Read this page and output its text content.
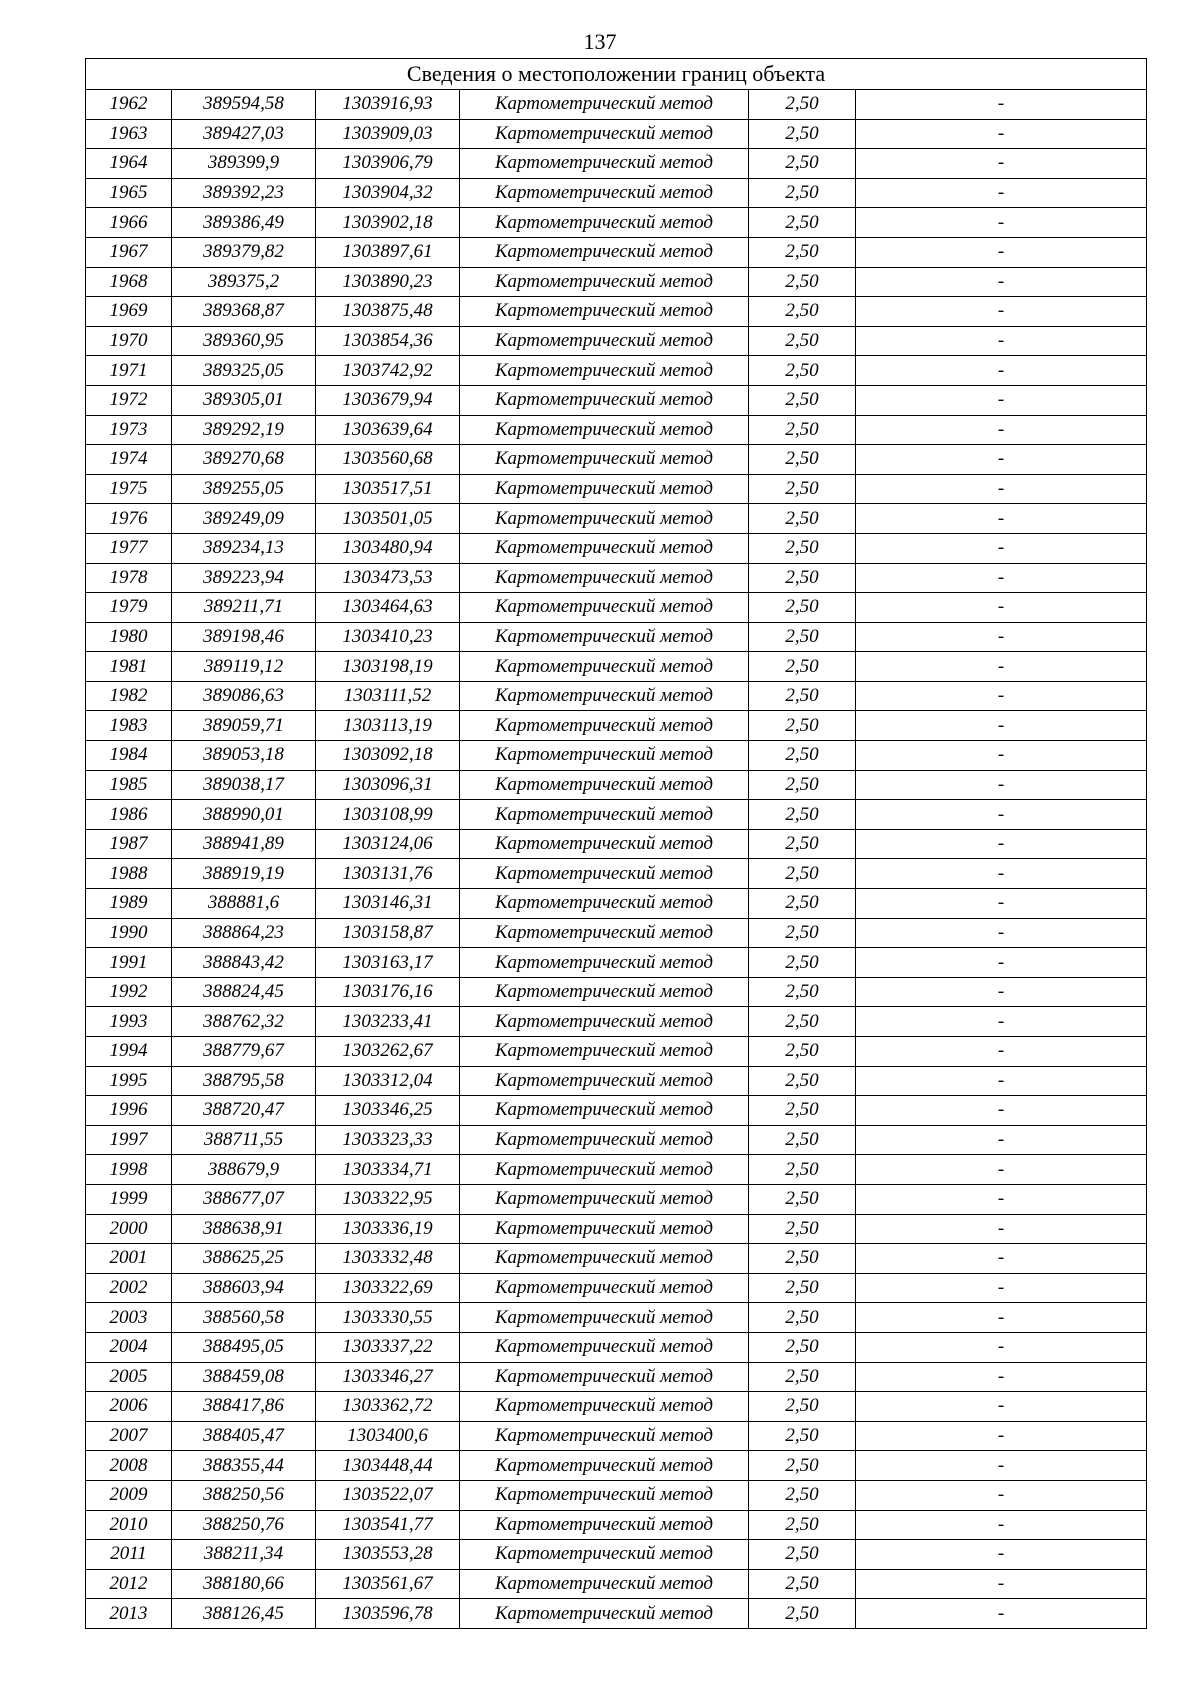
137
Сведения о местоположении границ объекта					
1962	389594,58	1303916,93	Картометрический метод	2,50	-
1963	389427,03	1303909,03	Картометрический метод	2,50	-
1964	389399,9	1303906,79	Картометрический метод	2,50	-
1965	389392,23	1303904,32	Картометрический метод	2,50	-
1966	389386,49	1303902,18	Картометрический метод	2,50	-
1967	389379,82	1303897,61	Картометрический метод	2,50	-
1968	389375,2	1303890,23	Картометрический метод	2,50	-
1969	389368,87	1303875,48	Картометрический метод	2,50	-
1970	389360,95	1303854,36	Картометрический метод	2,50	-
1971	389325,05	1303742,92	Картометрический метод	2,50	-
1972	389305,01	1303679,94	Картометрический метод	2,50	-
1973	389292,19	1303639,64	Картометрический метод	2,50	-
1974	389270,68	1303560,68	Картометрический метод	2,50	-
1975	389255,05	1303517,51	Картометрический метод	2,50	-
1976	389249,09	1303501,05	Картометрический метод	2,50	-
1977	389234,13	1303480,94	Картометрический метод	2,50	-
1978	389223,94	1303473,53	Картометрический метод	2,50	-
1979	389211,71	1303464,63	Картометрический метод	2,50	-
1980	389198,46	1303410,23	Картометрический метод	2,50	-
1981	389119,12	1303198,19	Картометрический метод	2,50	-
1982	389086,63	1303111,52	Картометрический метод	2,50	-
1983	389059,71	1303113,19	Картометрический метод	2,50	-
1984	389053,18	1303092,18	Картометрический метод	2,50	-
1985	389038,17	1303096,31	Картометрический метод	2,50	-
1986	388990,01	1303108,99	Картометрический метод	2,50	-
1987	388941,89	1303124,06	Картометрический метод	2,50	-
1988	388919,19	1303131,76	Картометрический метод	2,50	-
1989	388881,6	1303146,31	Картометрический метод	2,50	-
1990	388864,23	1303158,87	Картометрический метод	2,50	-
1991	388843,42	1303163,17	Картометрический метод	2,50	-
1992	388824,45	1303176,16	Картометрический метод	2,50	-
1993	388762,32	1303233,41	Картометрический метод	2,50	-
1994	388779,67	1303262,67	Картометрический метод	2,50	-
1995	388795,58	1303312,04	Картометрический метод	2,50	-
1996	388720,47	1303346,25	Картометрический метод	2,50	-
1997	388711,55	1303323,33	Картометрический метод	2,50	-
1998	388679,9	1303334,71	Картометрический метод	2,50	-
1999	388677,07	1303322,95	Картометрический метод	2,50	-
2000	388638,91	1303336,19	Картометрический метод	2,50	-
2001	388625,25	1303332,48	Картометрический метод	2,50	-
2002	388603,94	1303322,69	Картометрический метод	2,50	-
2003	388560,58	1303330,55	Картометрический метод	2,50	-
2004	388495,05	1303337,22	Картометрический метод	2,50	-
2005	388459,08	1303346,27	Картометрический метод	2,50	-
2006	388417,86	1303362,72	Картометрический метод	2,50	-
2007	388405,47	1303400,6	Картометрический метод	2,50	-
2008	388355,44	1303448,44	Картометрический метод	2,50	-
2009	388250,56	1303522,07	Картометрический метод	2,50	-
2010	388250,76	1303541,77	Картометрический метод	2,50	-
2011	388211,34	1303553,28	Картометрический метод	2,50	-
2012	388180,66	1303561,67	Картометрический метод	2,50	-
2013	388126,45	1303596,78	Картометрический метод	2,50	-
